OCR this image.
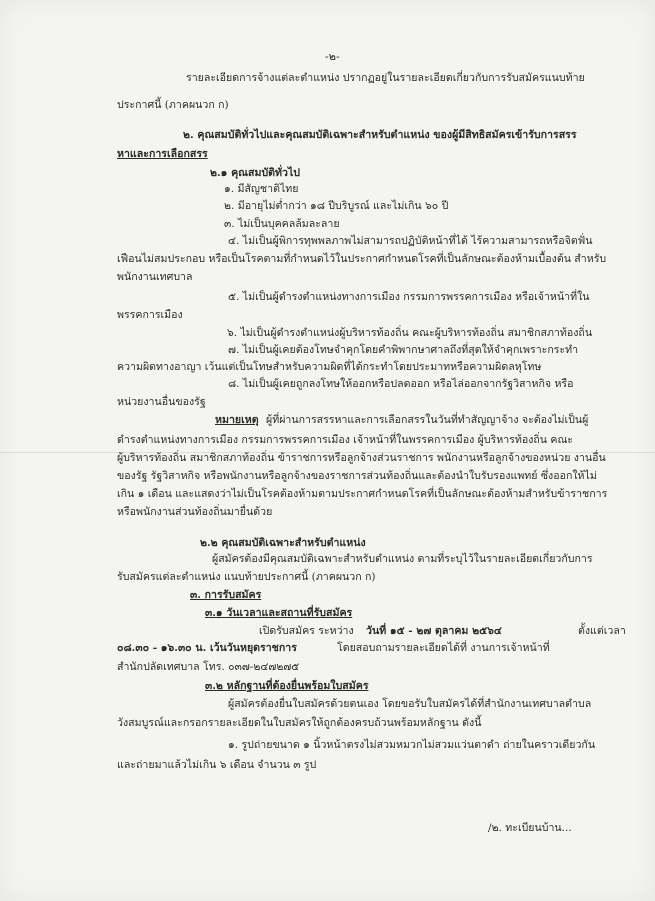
-๒-
รายละเอียดการจ้างแต่ละตำแหน่ง ปรากฏอยู่ในรายละเอียดเกี่ยวกับการรับสมัครแนบท้าย
ประกาศนี้ (ภาคผนวก ก)
๒. คุณสมบัติทั่วไปและคุณสมบัติเฉพาะสำหรับตำแหน่ง ของผู้มีสิทธิสมัครเข้ารับการสรร
หาและการเลือกสรร
๒.๑ คุณสมบัติทั่วไป
๑. มีสัญชาติไทย
๒. มีอายุไม่ต่ำกว่า ๑๘ ปีบริบูรณ์ และไม่เกิน ๖๐ ปี
๓. ไม่เป็นบุคคลล้มละลาย
๔. ไม่เป็นผู้พิการทุพพลภาพไม่สามารถปฏิบัติหน้าที่ได้ ไร้ความสามารถหรือจิตฟั่น
เฟือนไม่สมประกอบ หรือเป็นโรคตามที่กำหนดไว้ในประกาศกำหนดโรคที่เป็นลักษณะต้องห้ามเบื้องต้น สำหรับ
พนักงานเทศบาล
๕. ไม่เป็นผู้ดำรงตำแหน่งทางการเมือง กรรมการพรรคการเมือง หรือเจ้าหน้าที่ใน
พรรคการเมือง
๖. ไม่เป็นผู้ดำรงตำแหน่งผู้บริหารท้องถิ่น คณะผู้บริหารท้องถิ่น สมาชิกสภาท้องถิ่น
๗. ไม่เป็นผู้เคยต้องโทษจำคุกโดยคำพิพากษาศาลถึงที่สุดให้จำคุกเพราะกระทำ
ความผิดทางอาญา เว้นแต่เป็นโทษสำหรับความผิดที่ได้กระทำโดยประมาทหรือความผิดลหุโทษ
๘. ไม่เป็นผู้เคยถูกลงโทษให้ออกหรือปลดออก หรือไล่ออกจากรัฐวิสาหกิจ หรือ
หน่วยงานอื่นของรัฐ
หมายเหตุ ผู้ที่ผ่านการสรรหาและการเลือกสรรในวันที่ทำสัญญาจ้าง จะต้องไม่เป็นผู้
ดำรงตำแหน่งทางการเมือง กรรมการพรรคการเมือง เจ้าหน้าที่ในพรรคการเมือง ผู้บริหารท้องถิ่น คณะ
ผู้บริหารท้องถิ่น สมาชิกสภาท้องถิ่น ข้าราชการหรือลูกจ้างส่วนราชการ พนักงานหรือลูกจ้างของหน่วย งานอื่น
ของรัฐ รัฐวิสาหกิจ หรือพนักงานหรือลูกจ้างของราชการส่วนท้องถิ่นและต้องนำใบรับรองแพทย์ ซึ่งออกให้ไม่
เกิน ๑ เดือน และแสดงว่าไม่เป็นโรคต้องห้ามตามประกาศกำหนดโรคที่เป็นลักษณะต้องห้ามสำหรับข้าราชการ
หรือพนักงานส่วนท้องถิ่นมายื่นด้วย
๒.๒ คุณสมบัติเฉพาะสำหรับตำแหน่ง
ผู้สมัครต้องมีคุณสมบัติเฉพาะสำหรับตำแหน่ง ตามที่ระบุไว้ในรายละเอียดเกี่ยวกับการ
รับสมัครแต่ละตำแหน่ง แนบท้ายประกาศนี้ (ภาคผนวก ก)
๓. การรับสมัคร
๓.๑ วันเวลาและสถานที่รับสมัคร
เปิดรับสมัคร ระหว่าง วันที่ ๑๕ - ๒๗ ตุลาคม ๒๕๖๔	ตั้งแต่เวลา
๐๘.๓๐ - ๑๖.๓๐ น. เว้นวันหยุดราชการ	โดยสอบถามรายละเอียดได้ที่ งานการเจ้าหน้าที่
สำนักปลัดเทศบาล โทร. ๐๓๗-๒๔๗๒๗๕
๓.๒ หลักฐานที่ต้องยื่นพร้อมใบสมัคร
ผู้สมัครต้องยื่นใบสมัครด้วยตนเอง โดยขอรับใบสมัครได้ที่สำนักงานเทศบาลตำบล
วังสมบูรณ์และกรอกรายละเอียดในใบสมัครให้ถูกต้องครบถ้วนพร้อมหลักฐาน ดังนี้
๑. รูปถ่ายขนาด ๑ นิ้วหน้าตรงไม่สวมหมวกไม่สวมแว่นตาดำ ถ่ายในคราวเดียวกัน
และถ่ายมาแล้วไม่เกิน ๖ เดือน จำนวน ๓ รูป
/๒. ทะเบียนบ้าน...
